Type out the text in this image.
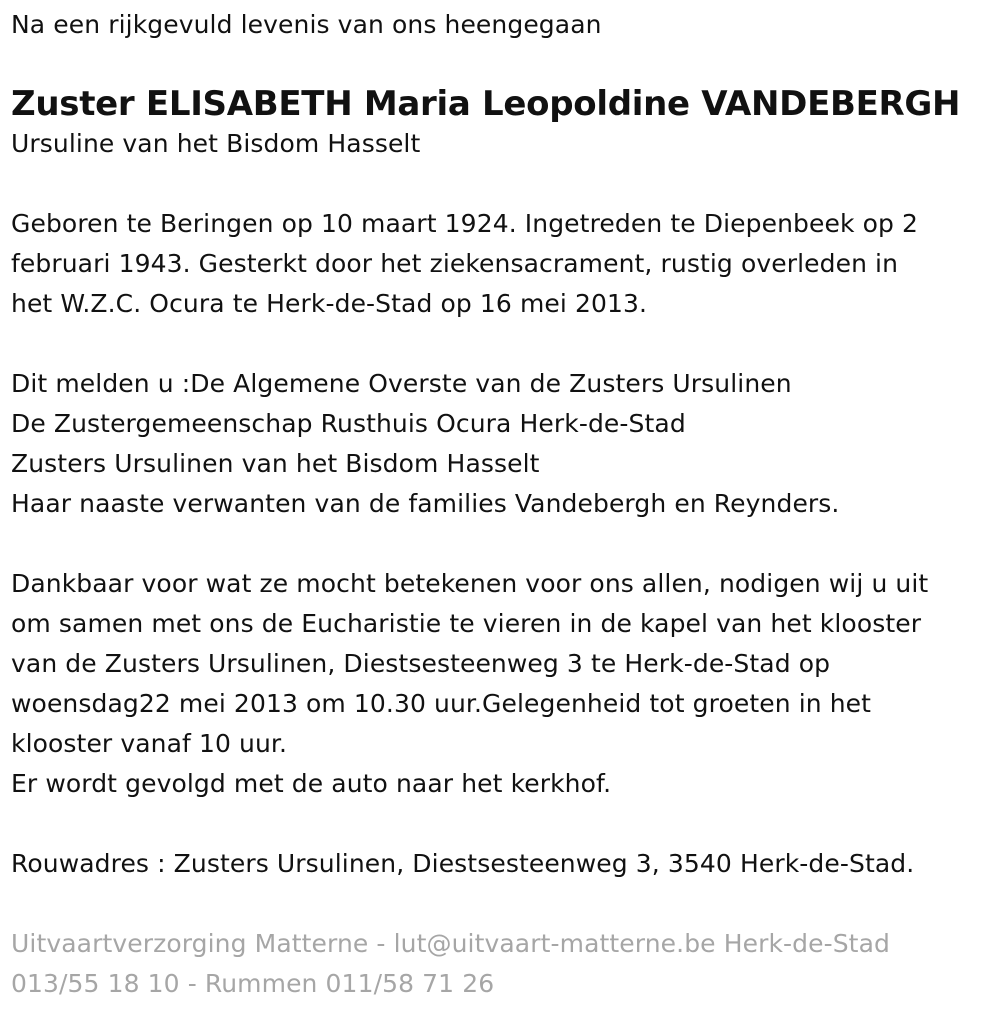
Na een rijkgevuld levenis van ons heengegaan
Zuster ELISABETH Maria Leopoldine VANDEBERGH
Ursuline van het Bisdom Hasselt
Geboren te Beringen op 10 maart 1924. Ingetreden te Diepenbeek op 2
februari 1943. Gesterkt door het ziekensacrament, rustig overleden in
het W.Z.C. Ocura te Herk-de-Stad op 16 mei 2013.
Dit melden u :De Algemene Overste van de Zusters Ursulinen
De Zustergemeenschap Rusthuis Ocura Herk-de-Stad
Zusters Ursulinen van het Bisdom Hasselt
Haar naaste verwanten van de families Vandebergh en Reynders.
Dankbaar voor wat ze mocht betekenen voor ons allen, nodigen wij u uit
om samen met ons de Eucharistie te vieren in de kapel van het klooster
van de Zusters Ursulinen, Diestsesteenweg 3 te Herk-de-Stad op
woensdag22 mei 2013 om 10.30 uur.Gelegenheid tot groeten in het
klooster vanaf 10 uur.
Er wordt gevolgd met de auto naar het kerkhof.
Rouwadres : Zusters Ursulinen, Diestsesteenweg 3, 3540 Herk-de-Stad.
Uitvaartverzorging Matterne - lut@uitvaart-matterne.be Herk-de-Stad
013/55 18 10 - Rummen 011/58 71 26
